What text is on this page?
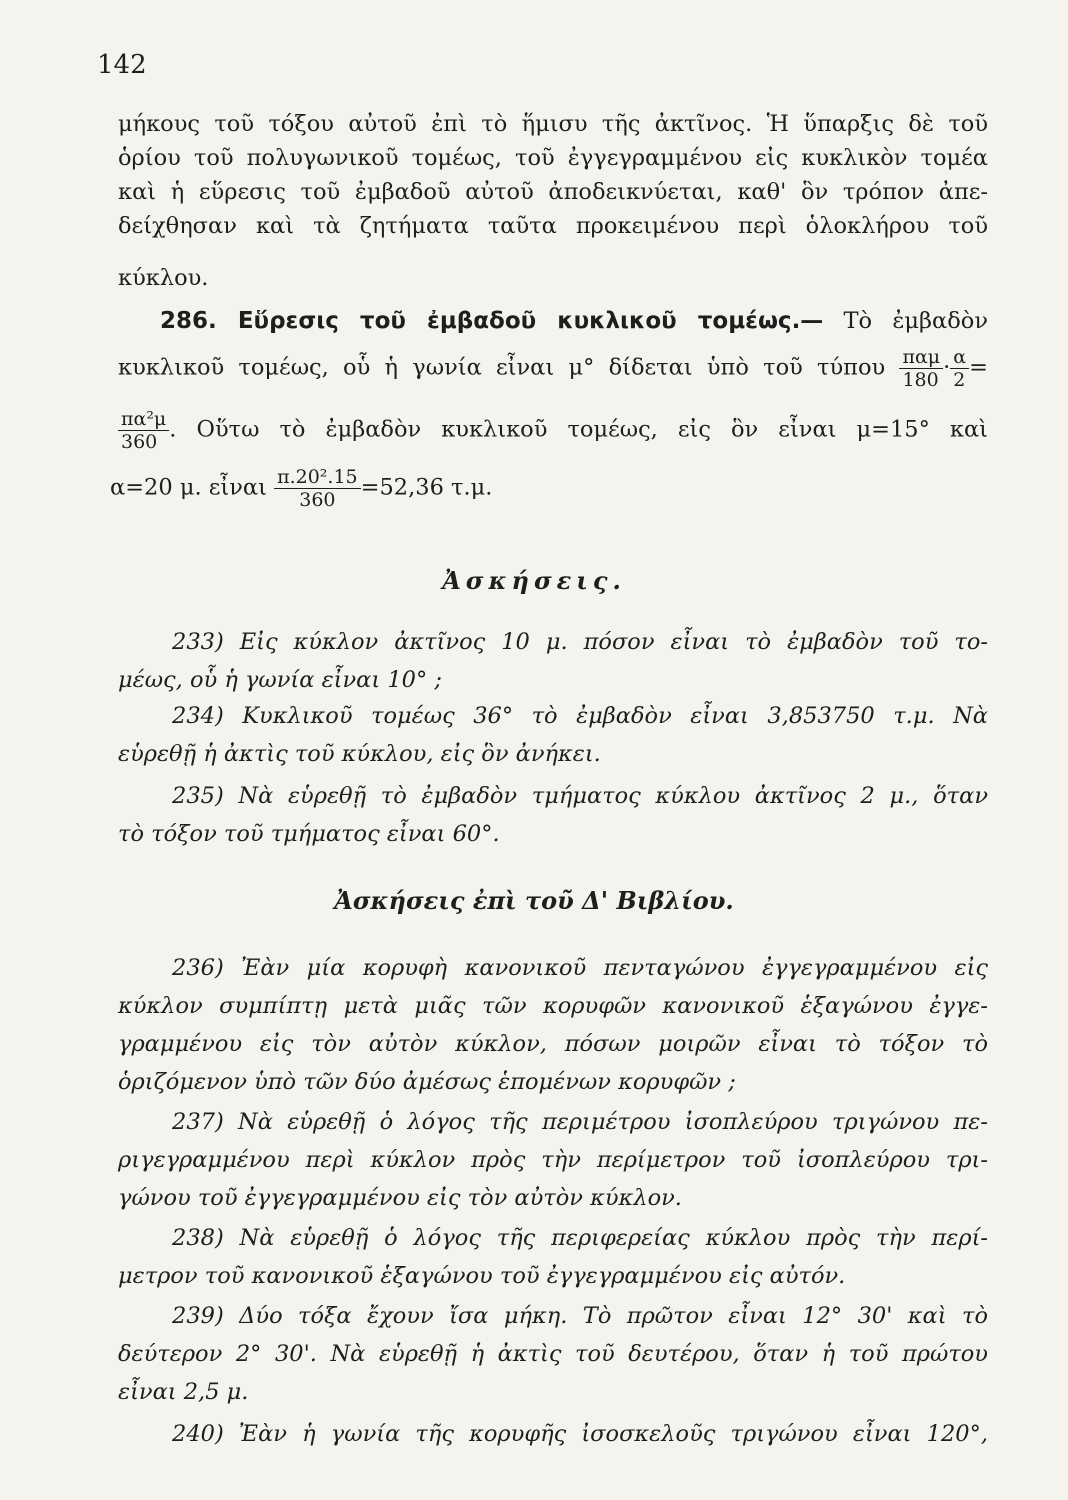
142
μήκους τοῦ τόξου αὐτοῦ ἐπὶ τὸ ἥμισυ τῆς ἀκτῖνος. Ἡ ὕπαρξις δὲ τοῦ
ὁρίου τοῦ πολυγωνικοῦ τομέως, τοῦ ἐγγεγραμμένου εἰς κυκλικὸν τομέα
καὶ ἡ εὕρεσις τοῦ ἐμβαδοῦ αὐτοῦ ἀποδεικνύεται, καθ' ὃν τρόπον ἀπε-
δείχθησαν καὶ τὰ ζητήματα ταῦτα προκειμένου περὶ ὁλοκλήρου τοῦ
κύκλου.
286. Εὕρεσις τοῦ ἐμβαδοῦ κυκλικοῦ τομέως.— Τὸ ἐμβαδὸν
κυκλικοῦ τομέως, οὗ ἡ γωνία εἶναι μ° δίδεται ὑπὸ τοῦ τύπου $\frac{\text{παμ}}{180} \cdot \frac{\alpha}{2}$ =
$\frac{\text{πα²μ}}{360}$ . Οὕτω τὸ ἐμβαδὸν κυκλικοῦ τομέως, εἰς ὃν εἶναι μ=15° καὶ
α=20 μ. εἶναι $\frac{\text{π.20².15}}{360} =52,36$ τ.μ.
Ἀσκήσεις.
233) Εἰς κύκλον ἀκτῖνος 10 μ. πόσον εἶναι τὸ ἐμβαδὸν τοῦ το-
μέως, οὗ ἡ γωνία εἶναι 10° ;
234) Κυκλικοῦ τομέως 36° τὸ ἐμβαδὸν εἶναι 3,853750 τ.μ. Νὰ
εὑρεθῇ ἡ ἀκτὶς τοῦ κύκλου, εἰς ὃν ἀνήκει.
235) Νὰ εὑρεθῇ τὸ ἐμβαδὸν τμήματος κύκλου ἀκτῖνος 2 μ., ὅταν
τὸ τόξον τοῦ τμήματος εἶναι 60°.
Ἀσκήσεις ἐπὶ τοῦ Δ' Βιβλίου.
236) Ἐὰν μία κορυφὴ κανονικοῦ πενταγώνου ἐγγεγραμμένου εἰς
κύκλον συμπίπτῃ μετὰ μιᾶς τῶν κορυφῶν κανονικοῦ ἑξαγώνου ἐγγε-
γραμμένου εἰς τὸν αὐτὸν κύκλον, πόσων μοιρῶν εἶναι τὸ τόξον τὸ
ὁριζόμενον ὑπὸ τῶν δύο ἀμέσως ἑπομένων κορυφῶν ;
237) Νὰ εὑρεθῇ ὁ λόγος τῆς περιμέτρου ἰσοπλεύρου τριγώνου πε-
ριγεγραμμένου περὶ κύκλον πρὸς τὴν περίμετρον τοῦ ἰσοπλεύρου τρι-
γώνου τοῦ ἐγγεγραμμένου εἰς τὸν αὐτὸν κύκλον.
238) Νὰ εὑρεθῇ ὁ λόγος τῆς περιφερείας κύκλου πρὸς τὴν περί-
μετρον τοῦ κανονικοῦ ἑξαγώνου τοῦ ἐγγεγραμμένου εἰς αὐτόν.
239) Δύο τόξα ἔχουν ἴσα μήκη. Τὸ πρῶτον εἶναι 12° 30' καὶ τὸ
δεύτερον 2° 30'. Νὰ εὑρεθῇ ἡ ἀκτὶς τοῦ δευτέρου, ὅταν ἡ τοῦ πρώτου
εἶναι 2,5 μ.
240) Ἐὰν ἡ γωνία τῆς κορυφῆς ἰσοσκελοῦς τριγώνου εἶναι 120°,
